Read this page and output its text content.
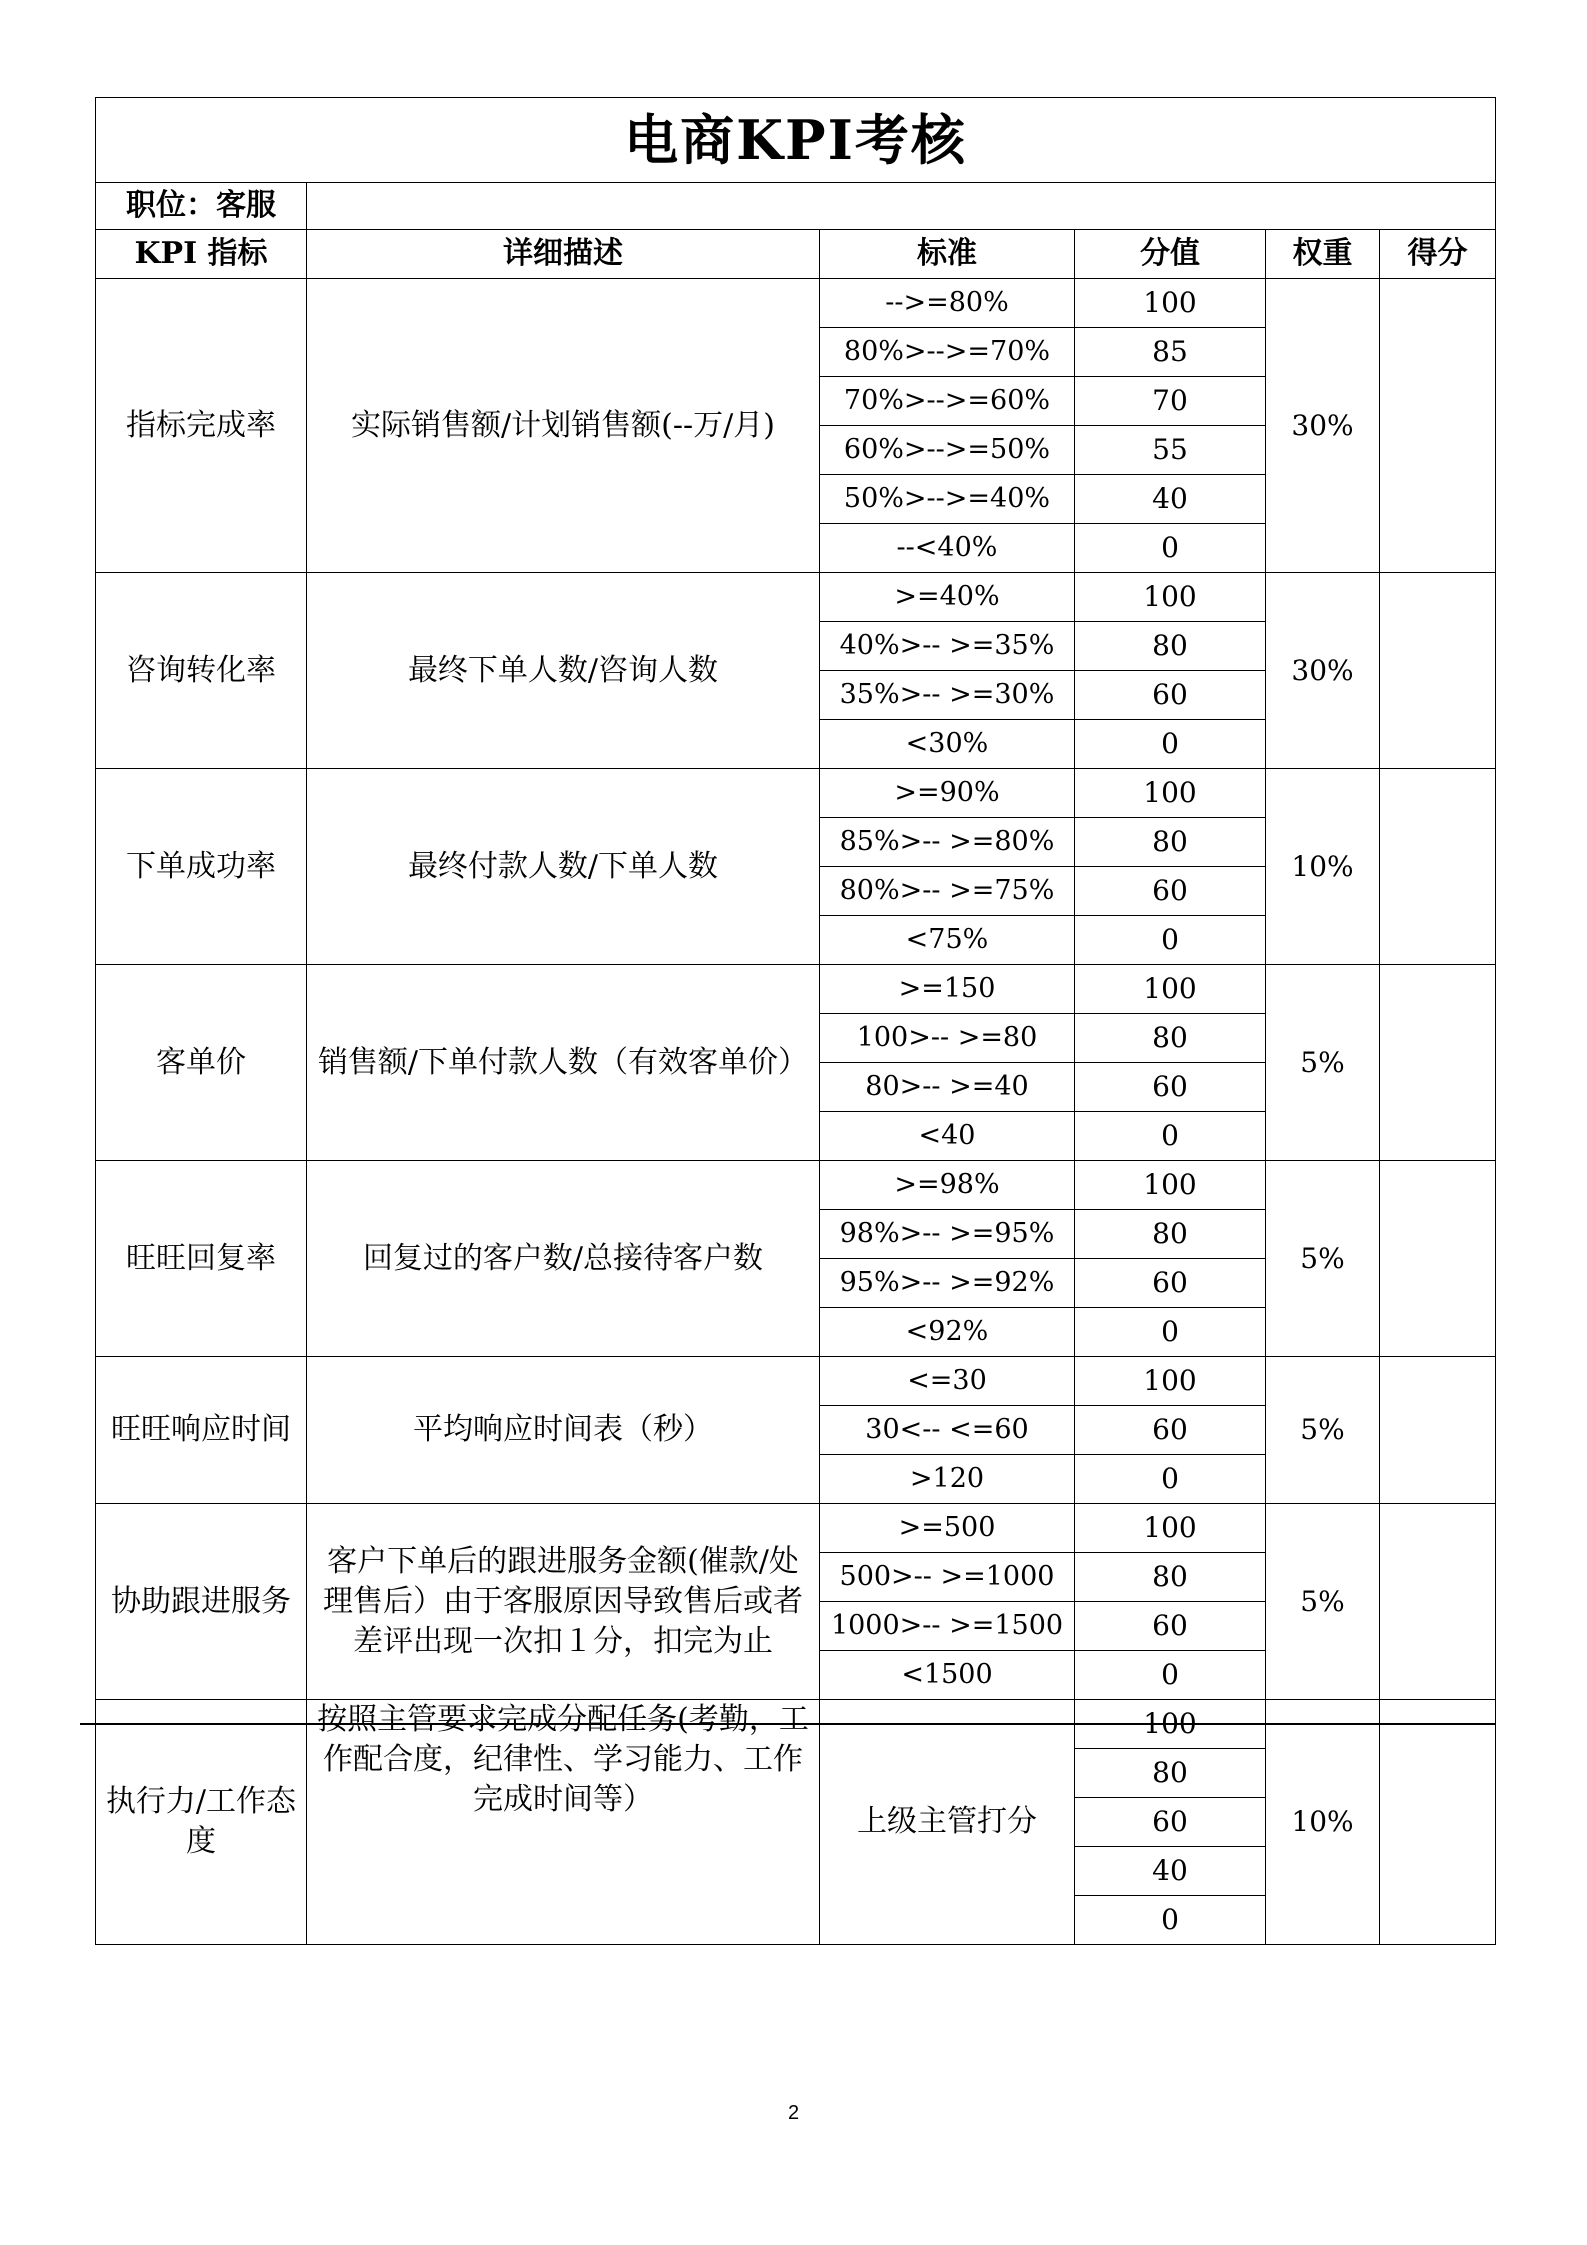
电商KPI考核					
职位：客服					
KPI 指标	详细描述	标准	分值	权重	得分
指标完成率	实际销售额/计划销售额(--万/月)	-->=80%	100	30%	
		80%>-->=70%	85		
		70%>-->=60%	70		
		60%>-->=50%	55		
		50%>-->=40%	40		
		--<40%	0		
咨询转化率	最终下单人数/咨询人数	>=40%	100	30%	
		40%>-- >=35%	80		
		35%>-- >=30%	60		
		<30%	0		
下单成功率	最终付款人数/下单人数	>=90%	100	10%	
		85%>-- >=80%	80		
		80%>-- >=75%	60		
		<75%	0		
客单价	销售额/下单付款人数（有效客单价）	>=150	100	5%	
		100>-- >=80	80		
		80>-- >=40	60		
		<40	0		
旺旺回复率	回复过的客户数/总接待客户数	>=98%	100	5%	
		98%>-- >=95%	80		
		95%>-- >=92%	60		
		<92%	0		
旺旺响应时间	平均响应时间表（秒）	<=30	100	5%	
		30<-- <=60	60		
		>120	0		
协助跟进服务	客户下单后的跟进服务金额(催款/处理售后）由于客服原因导致售后或者差评出现一次扣１分，扣完为止	>=500	100	5%	
		500>-- >=1000	80		
		1000>-- >=1500	60		
		<1500	0		
执行力/工作态度	按照主管要求完成分配任务(考勤，工作配合度，纪律性、学习能力、工作完成时间等）	上级主管打分	100	10%	
			80		
			60		
			40		
			0		
2
